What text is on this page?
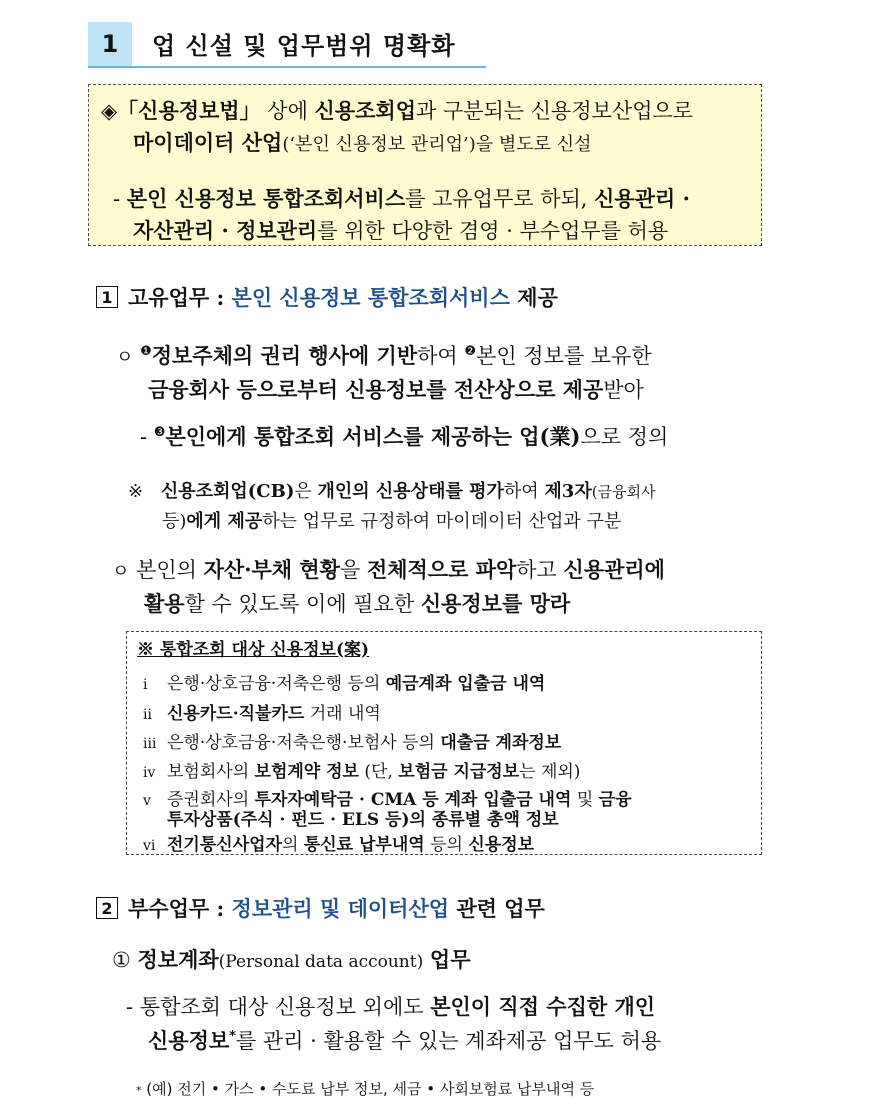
1	업 신설 및 업무범위 명확화
◈「신용정보법」 상에 신용조회업과 구분되는 신용정보산업으로
마이데이터 산업(‘본인 신용정보 관리업’)을 별도로 신설
- 본인 신용정보 통합조회서비스를 고유업무로 하되, 신용관리 ·
자산관리 · 정보관리를 위한 다양한 겸영 · 부수업무를 허용
1 고유업무 : 본인 신용정보 통합조회서비스 제공
ㅇ $^❶$정보주체의 권리 행사에 기반하여 $^❷$본인 정보를 보유한
금융회사 등으로부터 신용정보를 전산상으로 제공받아
- $^❸$본인에게 통합조회 서비스를 제공하는 업(業)으로 정의
※ 신용조회업(CB)은 개인의 신용상태를 평가하여 제3자(금융회사
등)에게 제공하는 업무로 규정하여 마이데이터 산업과 구분
ㅇ 본인의 자산·부채 현황을 전체적으로 파악하고 신용관리에
활용할 수 있도록 이에 필요한 신용정보를 망라
※ 통합조회 대상 신용정보(案)
ⅰ 은행·상호금융·저축은행 등의 예금계좌 입출금 내역
ⅱ 신용카드·직불카드 거래 내역
ⅲ 은행·상호금융·저축은행·보험사 등의 대출금 계좌정보
ⅳ 보험회사의 보험계약 정보 (단, 보험금 지급정보는 제외)
ⅴ 증권회사의 투자자예탁금 · CMA 등 계좌 입출금 내역 및 금융
투자상품(주식 · 펀드 · ELS 등)의 종류별 총액 정보
ⅵ 전기통신사업자의 통신료 납부내역 등의 신용정보
2 부수업무 : 정보관리 및 데이터산업 관련 업무
① 정보계좌(Personal data account) 업무
- 통합조회 대상 신용정보 외에도 본인이 직접 수집한 개인
신용정보*를 관리 · 활용할 수 있는 계좌제공 업무도 허용
* (예) 전기 • 가스 • 수도료 납부 정보, 세금 • 사회보험료 납부내역 등
